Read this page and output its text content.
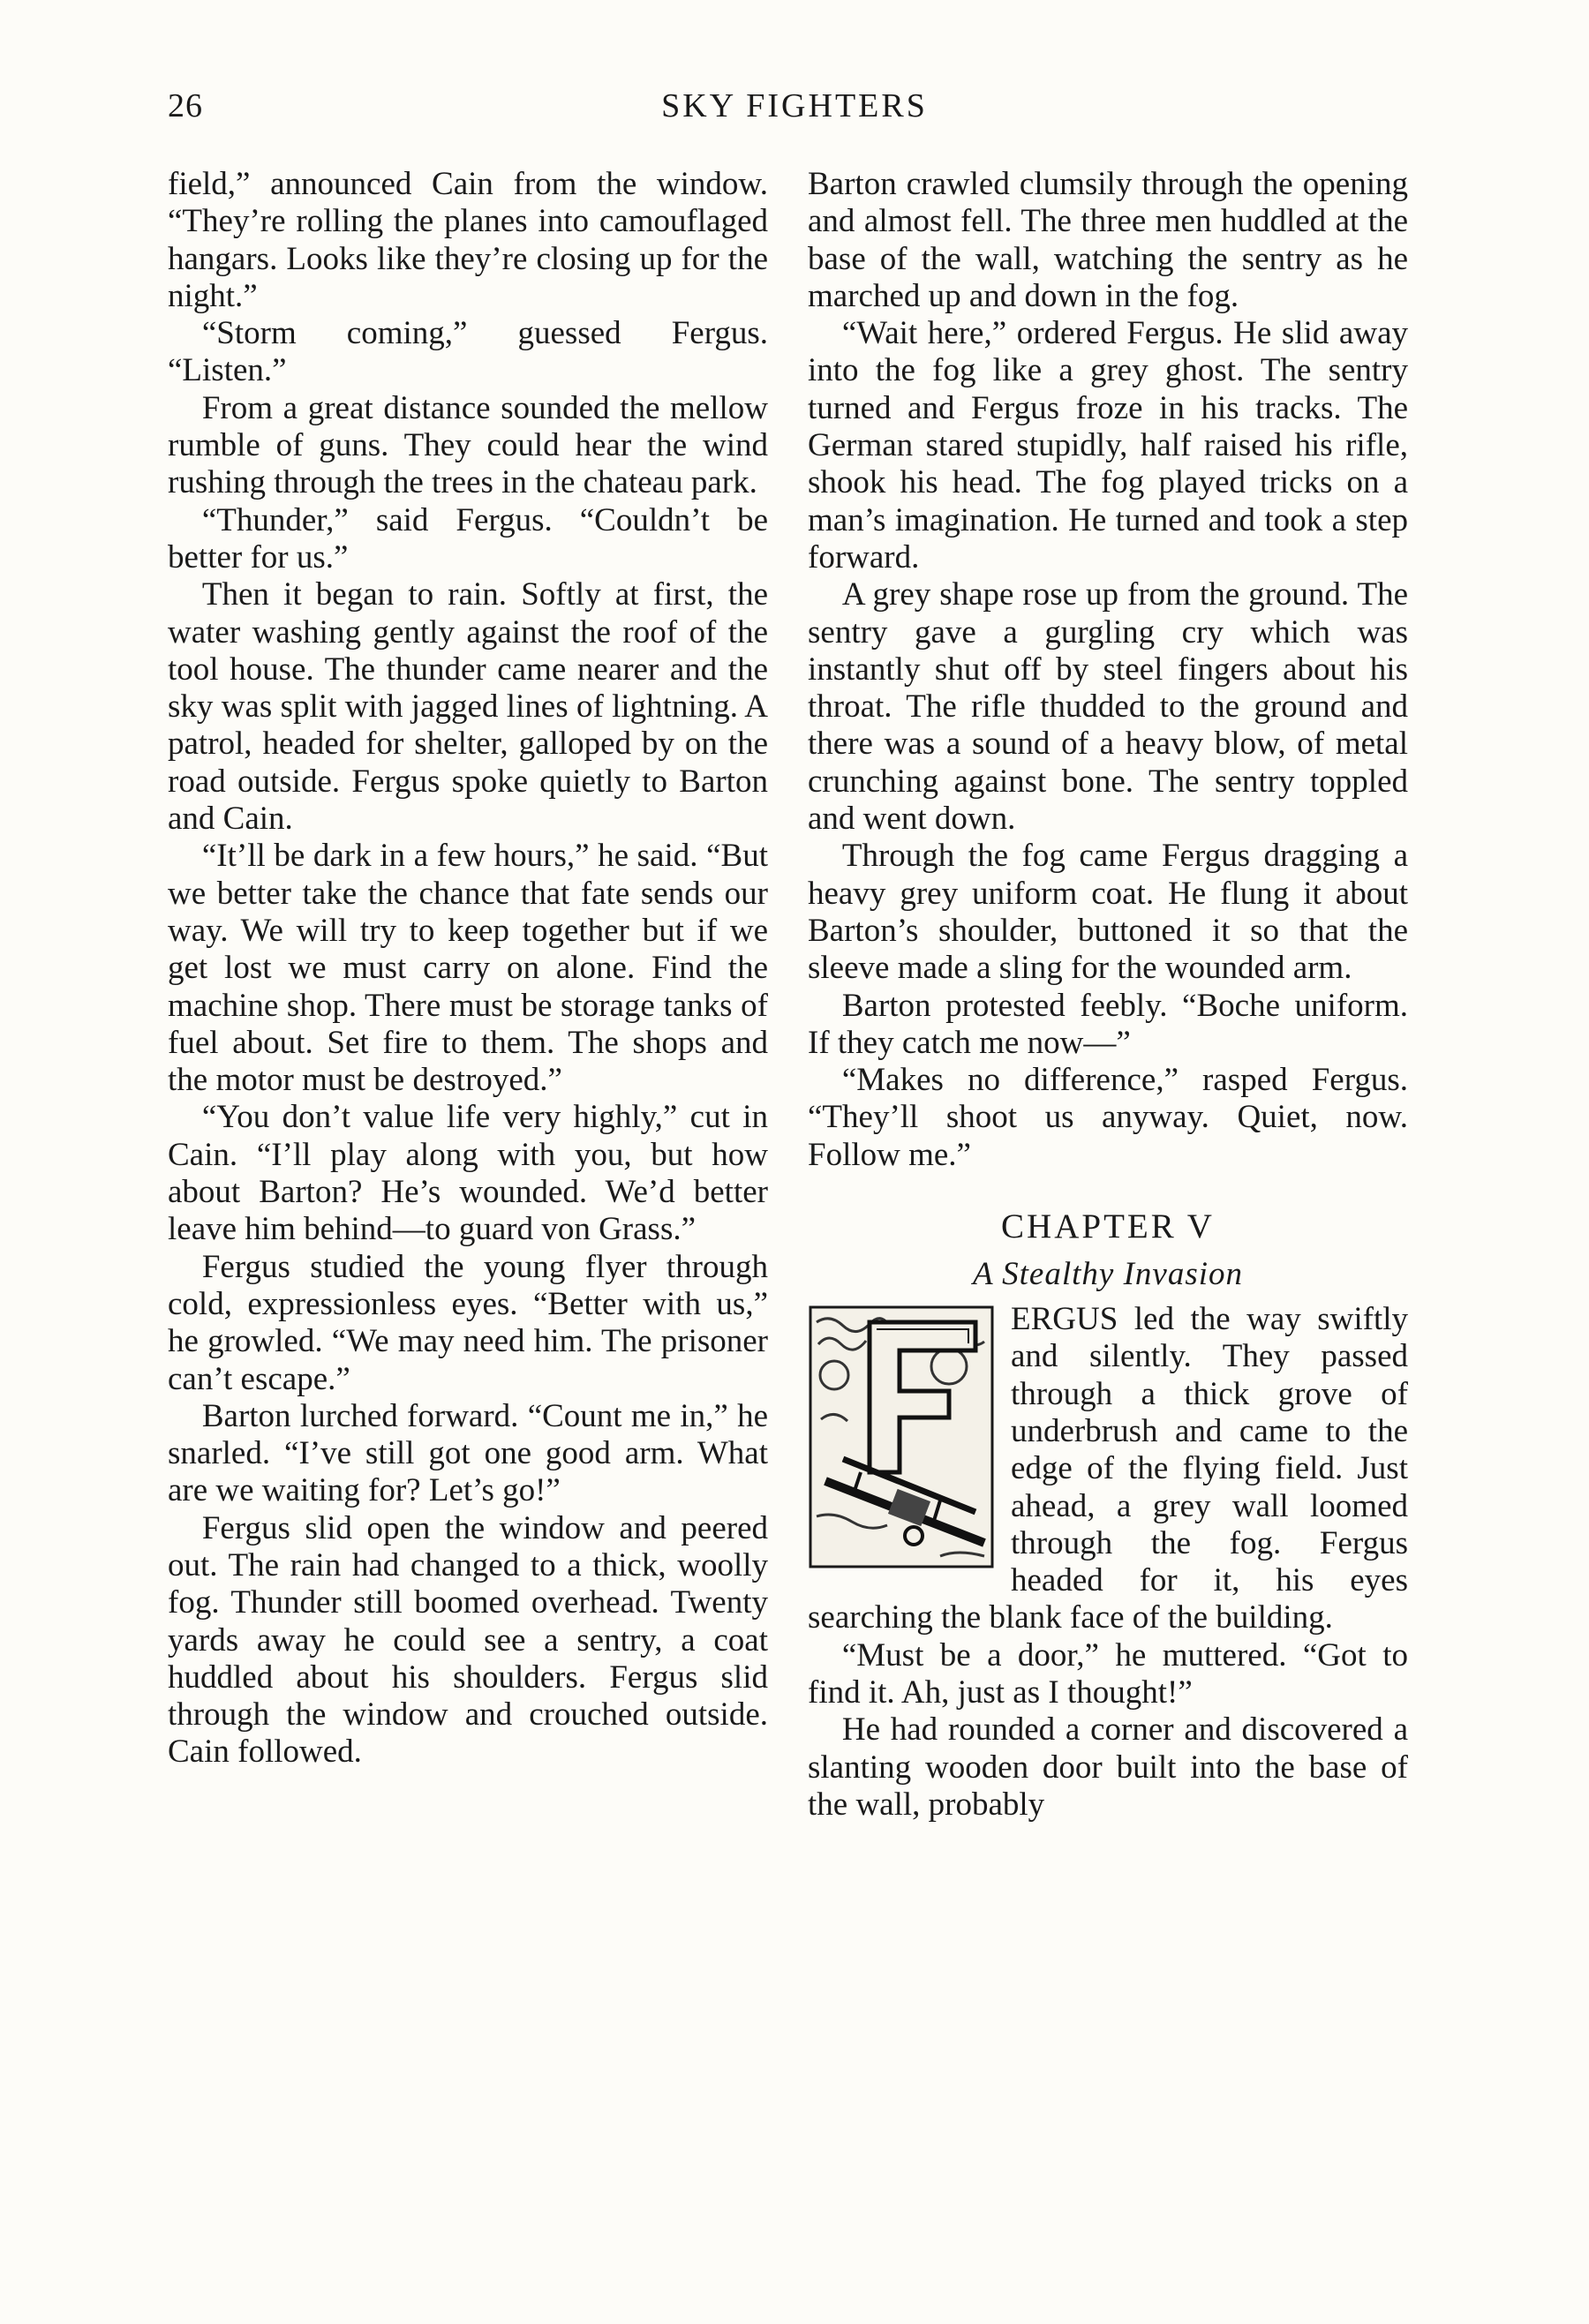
26	SKY FIGHTERS

field,” announced Cain from the window. “They’re rolling the planes into camouflaged hangars. Looks like they’re closing up for the night.”

“Storm coming,” guessed Fergus. “Listen.”

From a great distance sounded the mellow rumble of guns. They could hear the wind rushing through the trees in the chateau park.

“Thunder,” said Fergus. “Couldn’t be better for us.”

Then it began to rain. Softly at first, the water washing gently against the roof of the tool house. The thunder came nearer and the sky was split with jagged lines of lightning. A patrol, headed for shelter, galloped by on the road outside. Fergus spoke quietly to Barton and Cain.

“It’ll be dark in a few hours,” he said. “But we better take the chance that fate sends our way. We will try to keep together but if we get lost we must carry on alone. Find the machine shop. There must be storage tanks of fuel about. Set fire to them. The shops and the motor must be destroyed.”

“You don’t value life very highly,” cut in Cain. “I’ll play along with you, but how about Barton? He’s wounded. We’d better leave him behind—to guard von Grass.”

Fergus studied the young flyer through cold, expressionless eyes. “Better with us,” he growled. “We may need him. The prisoner can’t escape.”

Barton lurched forward. “Count me in,” he snarled. “I’ve still got one good arm. What are we waiting for? Let’s go!”

Fergus slid open the window and peered out. The rain had changed to a thick, woolly fog. Thunder still boomed overhead. Twenty yards away he could see a sentry, a coat huddled about his shoulders. Fergus slid through the window and crouched outside. Cain followed.

Barton crawled clumsily through the opening and almost fell. The three men huddled at the base of the wall, watching the sentry as he marched up and down in the fog.

“Wait here,” ordered Fergus. He slid away into the fog like a grey ghost. The sentry turned and Fergus froze in his tracks. The German stared stupidly, half raised his rifle, shook his head. The fog played tricks on a man’s imagination. He turned and took a step forward.

A grey shape rose up from the ground. The sentry gave a gurgling cry which was instantly shut off by steel fingers about his throat. The rifle thudded to the ground and there was a sound of a heavy blow, of metal crunching against bone. The sentry toppled and went down.

Through the fog came Fergus dragging a heavy grey uniform coat. He flung it about Barton’s shoulder, buttoned it so that the sleeve made a sling for the wounded arm.

Barton protested feebly. “Boche uniform. If they catch me now—”

“Makes no difference,” rasped Fergus. “They’ll shoot us anyway. Quiet, now. Follow me.”

CHAPTER V
A Stealthy Invasion

ERGUS led the way swiftly and silently. They passed through a thick grove of underbrush and came to the edge of the flying field. Just ahead, a grey wall loomed through the fog. Fergus headed for it, his eyes searching the blank face of the building.

“Must be a door,” he muttered. “Got to find it. Ah, just as I thought!”

He had rounded a corner and discovered a slanting wooden door built into the base of the wall, probably
